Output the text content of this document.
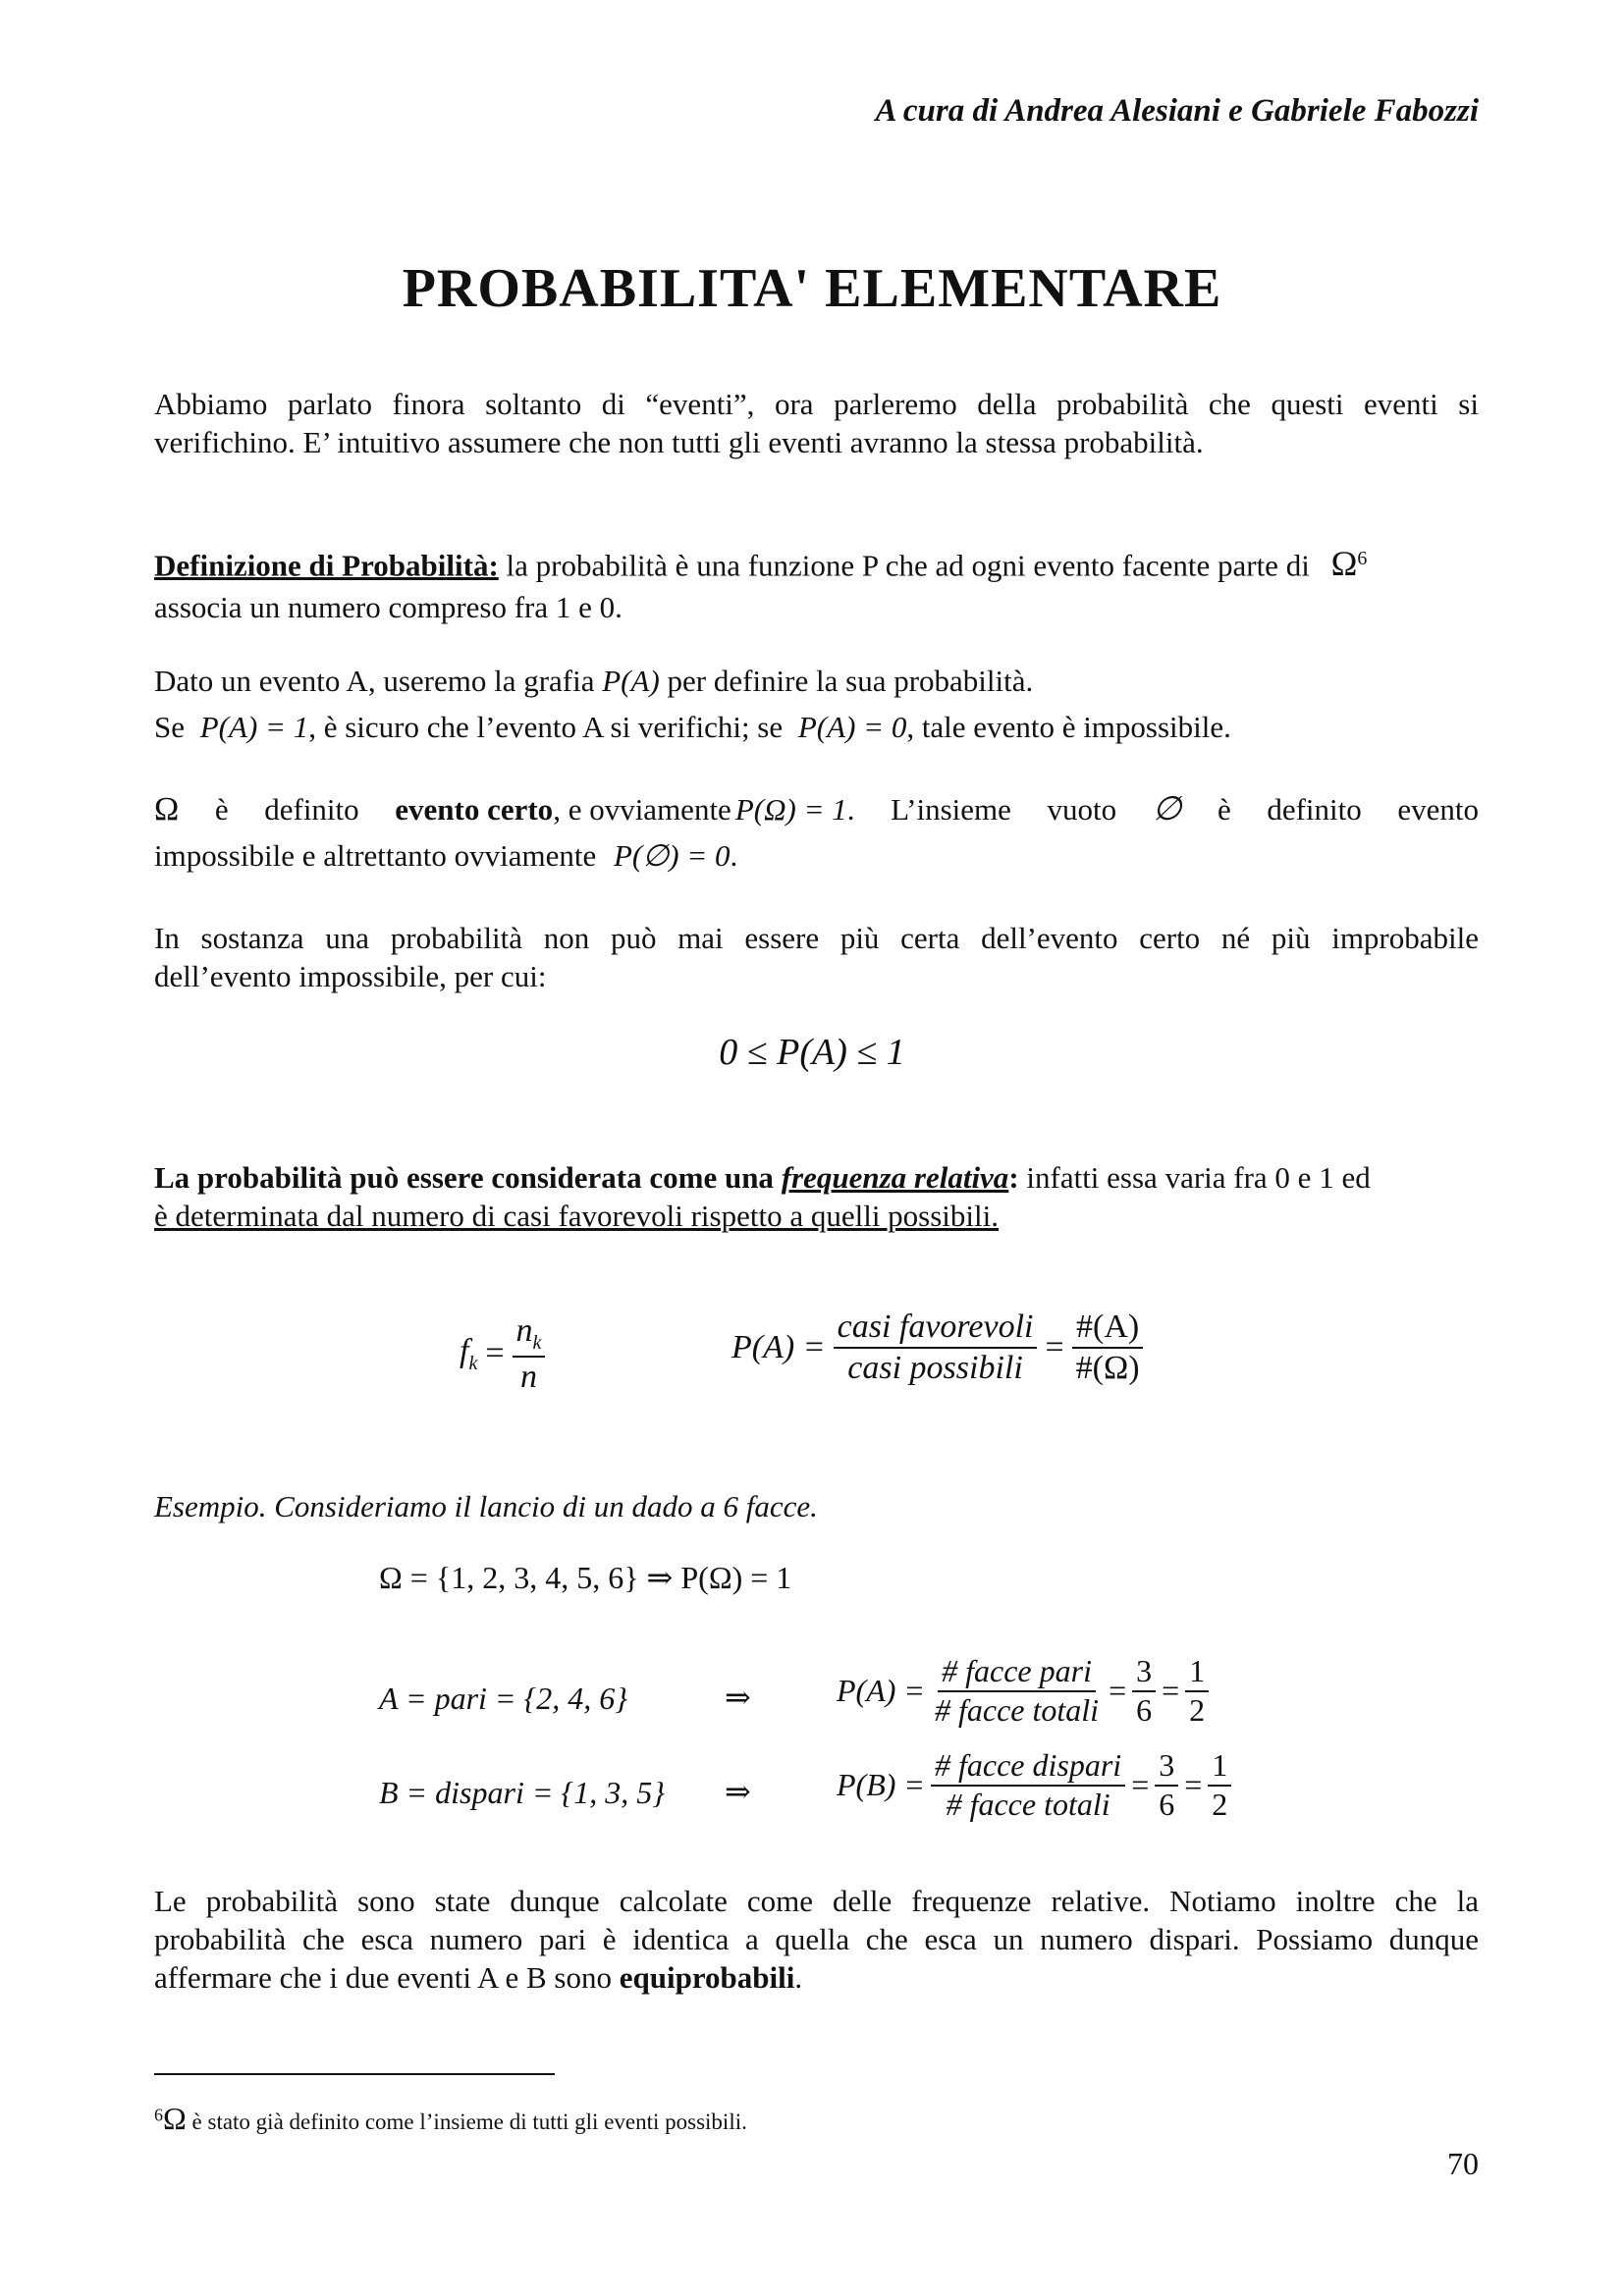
A cura di Andrea Alesiani e Gabriele Fabozzi
PROBABILITA' ELEMENTARE
Abbiamo parlato finora soltanto di “eventi”, ora parleremo della probabilità che questi eventi si
verifichino. E’ intuitivo assumere che non tutti gli eventi avranno la stessa probabilità.
Definizione di Probabilità: la probabilità è una funzione P che ad ogni evento facente parte di $\Omega^6$
associa un numero compreso fra 1 e 0.
Dato un evento A, useremo la grafia P(A) per definire la sua probabilità.
Se P(A) = 1, è sicuro che l’evento A si verifichi; se P(A) = 0, tale evento è impossibile.
Ω è definito evento certo, e ovviamente P(Ω) = 1. L’insieme vuoto ∅ è definito evento
impossibile e altrettanto ovviamente P(∅) = 0.
In sostanza una probabilità non può mai essere più certa dell’evento certo né più improbabile
dell’evento impossibile, per cui:
0 ≤ P(A) ≤ 1
La probabilità può essere considerata come una frequenza relativa: infatti essa varia fra 0 e 1 ed
è determinata dal numero di casi favorevoli rispetto a quelli possibili.
$f_k = \frac{n_k}{n}$	$P(A) = \frac{\text{casi favorevoli}}{\text{casi possibili}} = \frac{\#(A)}{\#(\Omega)}$
Esempio. Consideriamo il lancio di un dado a 6 facce.
Ω = {1, 2, 3, 4, 5, 6} ⇒ P(Ω) = 1
A = pari = {2, 4, 6}	⇒	$P(A) = \frac{\text{\# facce pari}}{\text{\# facce totali}} = \frac{3}{6} = \frac{1}{2}$
B = dispari = {1, 3, 5} ⇒	$P(B) = \frac{\text{\# facce dispari}}{\text{\# facce totali}} = \frac{3}{6} = \frac{1}{2}$
Le probabilità sono state dunque calcolate come delle frequenze relative. Notiamo inoltre che la
probabilità che esca numero pari è identica a quella che esca un numero dispari. Possiamo dunque
affermare che i due eventi A e B sono equiprobabili.
$^6$Ω è stato già definito come l’insieme di tutti gli eventi possibili.
70
